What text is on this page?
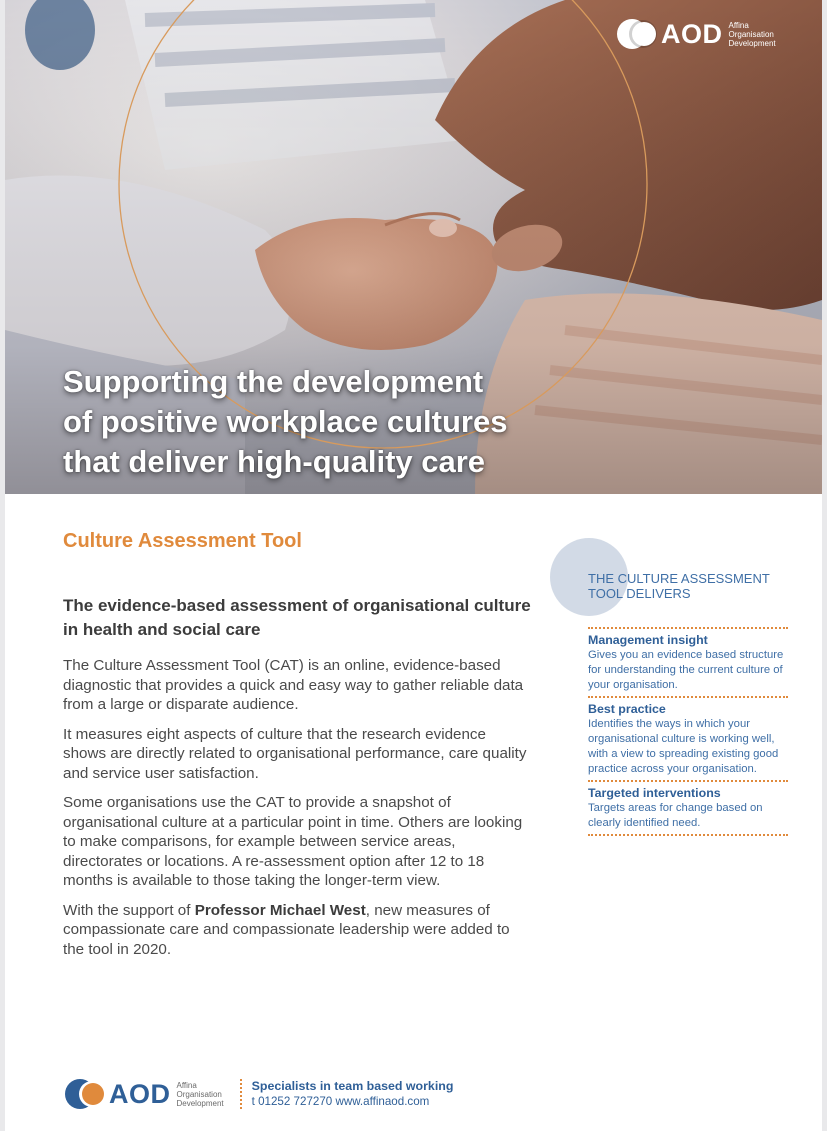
Supporting the development
of positive workplace cultures
that deliver high-quality care
AOD Affina
Organisation
Development
Culture Assessment Tool
The evidence-based assessment of organisational culture in health and social care

The Culture Assessment Tool (CAT) is an online, evidence-based diagnostic that provides a quick and easy way to gather reliable data from a large or disparate audience.

It measures eight aspects of culture that the research evidence shows are directly related to organisational performance, care quality and service user satisfaction.

Some organisations use the CAT to provide a snapshot of organisational culture at a particular point in time. Others are looking to make comparisons, for example between service areas, directorates or locations. A re-assessment option after 12 to 18 months is available to those taking the longer-term view.

With the support of Professor Michael West, new measures of compassionate care and compassionate leadership were added to the tool in 2020.

THE CULTURE ASSESSMENT TOOL DELIVERS
Management insight
Gives you an evidence based structure for understanding the current culture of your organisation.
Best practice
Identifies the ways in which your organisational culture is working well, with a view to spreading existing good practice across your organisation.
Targeted interventions
Targets areas for change based on clearly identified need.
AOD Affina
Organisation
Development
Specialists in team based working
t 01252 727270 www.affinaod.com
